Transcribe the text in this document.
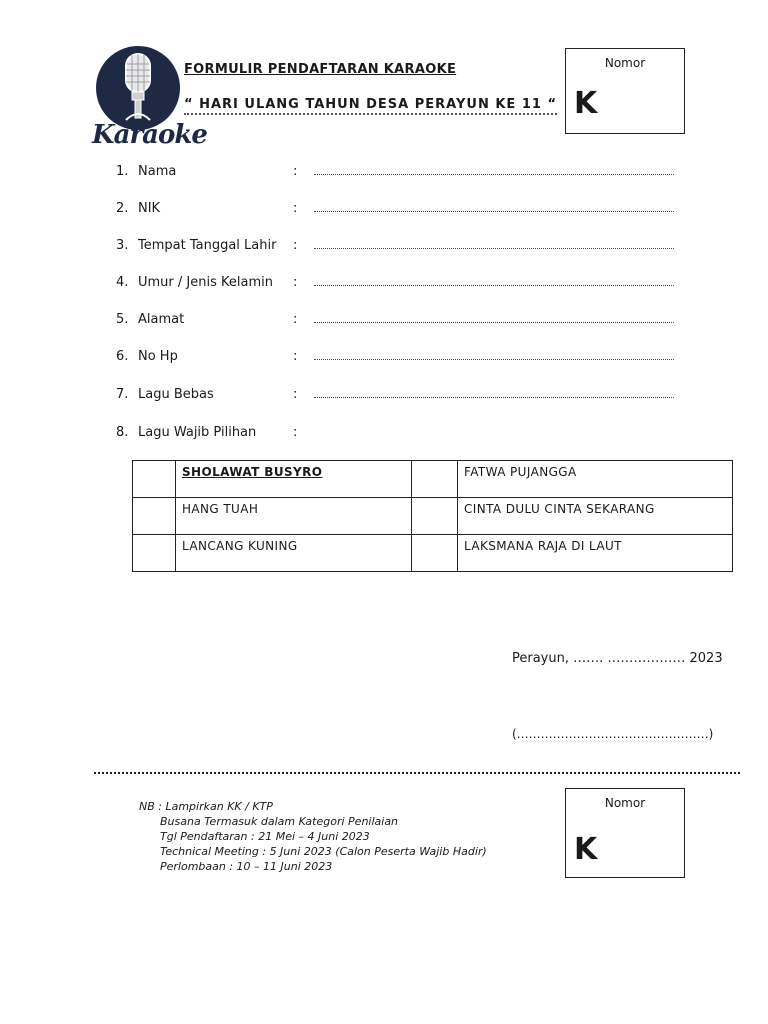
Karaoke
FORMULIR PENDAFTARAN KARAOKE
“ HARI ULANG TAHUN DESA PERAYUN KE 11 “
Nomor
K
1. Nama	:
2. NIK	:
3. Tempat Tanggal Lahir :
4. Umur / Jenis Kelamin :
5. Alamat	:
6. No Hp	:
7. Lagu Bebas	:
8. Lagu Wajib Pilihan	:
	SHOLAWAT BUSYRO		FATWA PUJANGGA
	HANG TUAH		CINTA DULU CINTA SEKARANG
	LANCANG KUNING		LAKSMANA RAJA DI LAUT
Perayun, ……. ……………… 2023
(…………………………………………)
NB : Lampirkan KK / KTP
Busana Termasuk dalam Kategori Penilaian
Tgl Pendaftaran : 21 Mei – 4 Juni 2023
Technical Meeting : 5 Juni 2023 (Calon Peserta Wajib Hadir)
Perlombaan : 10 – 11 Juni 2023
Nomor
K
